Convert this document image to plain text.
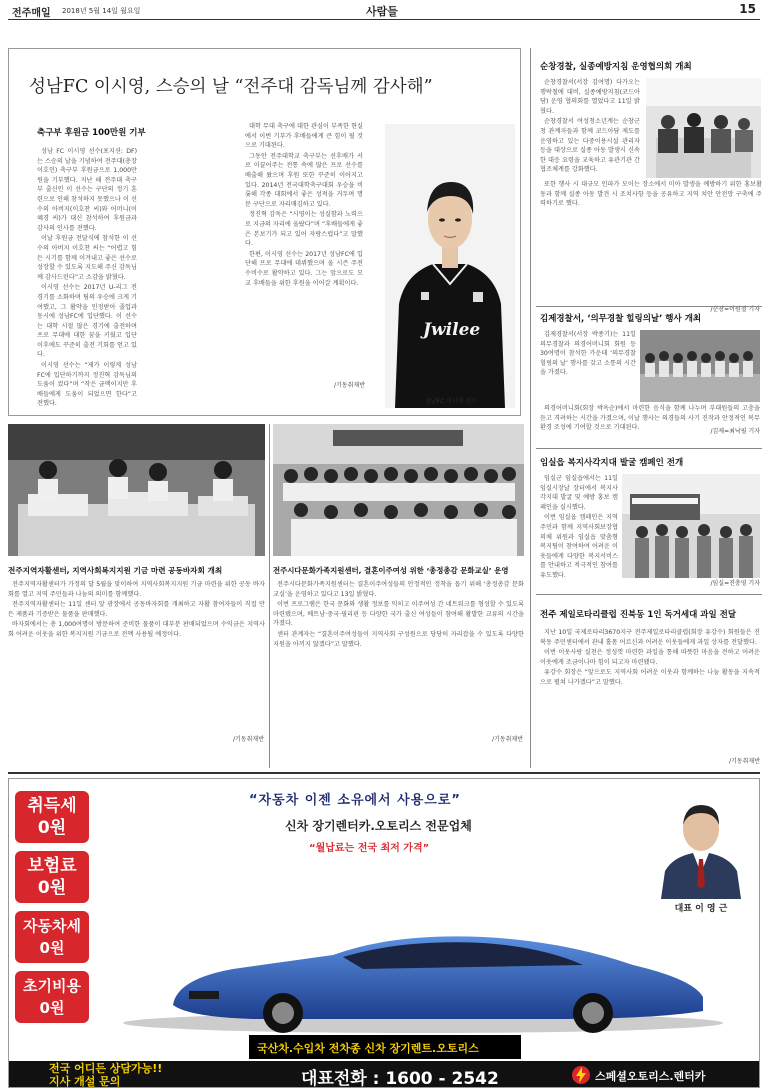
전주매일 2018년 5월 14일 월요일	사람들	15
성남FC 이시영, 스승의 날 “전주대 감독님께 감사해”
축구부 후원금 100만원 기부

성남 FC 이시영 선수(포지션: DF)는 스승의 날을 기념하여 전주대(총장 이호인) 축구부 후원금으로 1,000만 원을 기부했다. 지난 해 전주대 축구부 출신인 이 선수는 구단의 정기 훈련으로 인해 참석하지 못했으나 이 선수의 아버지(이호찬 씨)와 어머니(이혜경 씨)가 대신 참석하여 후원금과 감사의 인사를 전했다.

이날 후원금 전달식에 참석한 이 선수의 아버지 이호찬 씨는 “어렵고 힘든 시기를 함께 이겨내고 좋은 선수로 성장할 수 있도록 지도해 주신 감독님께 감사드린다”고 소감을 밝혔다.

이시영 선수는 2017년 U-리그 전 경기를 소화하며 팀의 우승에 크게 기여했고, 그 활약을 인정받아 졸업과 동시에 성남FC에 입단했다. 이 선수는 대학 시절 많은 경기에 출전하며 프로 무대에 대한 꿈을 키웠고 입단 이후에도 꾸준히 출전 기회를 얻고 있다.

이시영 선수는 “제가 이렇게 성남 FC에 입단하기까지 정진혁 감독님의 도움이 컸다”며 “작은 금액이지만 후배들에게 도움이 되었으면 한다”고 전했다.

대학 무대 축구에 대한 관심이 부족한 현실에서 이번 기부가 후배들에게 큰 힘이 될 것으로 기대된다.

그동안 전주대학교 축구부는 선후배가 서로 이끌어주는 전통 속에 많은 프로 선수를 배출해 왔으며 후원 또한 꾸준히 이어지고 있다. 2014년 전국대학축구대회 우승을 비롯해 각종 대회에서 좋은 성적을 거두며 명문 구단으로 자리매김하고 있다.

정진혁 감독은 “시영이는 성실함과 노력으로 지금의 자리에 올랐다”며 “후배들에게 좋은 본보기가 되고 있어 자랑스럽다”고 말했다.

한편, 이시영 선수는 2017년 성남FC에 입단해 프로 무대에 데뷔했으며 올 시즌 주전 수비수로 활약하고 있다. 그는 앞으로도 모교 후배들을 위한 후원을 이어갈 계획이다.

/기동취재반
Jwilee
성남FC 이시영 선수
순창경찰, 실종예방지침 운영협의회 개최

순창경찰서(서장 김여명) 다가오는 행락철에 대비, 실종예방지침(코드아담) 운영 협의회를 열었다고 11일 밝혔다.

순창경찰서 여성청소년계는 순창군청 관계자들과 함께 코드아담 제도를 운영하고 있는 다중이용시설 관리자 등을 대상으로 실종 아동 발생시 신속한 대응 요령을 교육하고 유관기관 간 협조체계를 강화했다.

또한 행사 시 대규모 인파가 모이는 장소에서 미아 발생을 예방하기 위한 홍보활동과 함께 실종 아동 발견 시 조치사항 등을 공유하고 지역 치안 안전망 구축에 주력하기로 했다.

/순창=이원철 기자
김제경찰서, ‘의무경찰 힐링의날’ 행사 개최

김제경찰서(서장 박종기)는 11일 의무경찰과 의경어머니회 회원 등 30여명이 참석한 가운데 ‘의무경찰 힐링의 날’ 행사를 갖고 소통의 시간을 가졌다.

의경어머니회(회장 박옥순)에서 마련한 음식을 함께 나누며 부대원들의 고충을 듣고 격려하는 시간을 가졌으며, 이날 행사는 의경들의 사기 진작과 안정적인 복무 환경 조성에 기여할 것으로 기대된다.

/김제=최낙필 기자
임실읍 복지사각지대 발굴 캠페인 전개

임실군 임실읍에서는 11일 임실시장날 장터에서 복지사각지대 발굴 및 예방 홍보 캠페인을 실시했다.

이번 임실읍 캠페인은 지역 주민과 함께 지역사회보장협의체 위원과 임실읍 맞춤형 복지팀이 참여하여 어려운 이웃들에게 다양한 복지서비스를 안내하고 적극적인 참여를 유도했다.

/임실=진충영 기자
전주 제일로타리클럽 진북동 1인 독거세대 과일 전달

지난 10일 국제로타리3670지구 전주제일로타리클럽(회장 유강수) 회원들은 진북동 주민센터에서 관내 홀몸 어르신과 어려운 이웃들에게 과일 상자를 전달했다.

이번 이웃사랑 실천은 정성껏 마련한 과일을 통해 따뜻한 마음을 전하고 어려운 이웃에게 조금이나마 힘이 되고자 마련됐다.

유강수 회장은 “앞으로도 지역사회 어려운 이웃과 함께하는 나눔 활동을 지속적으로 펼쳐 나가겠다”고 말했다.

/기동취재반
전주지역자활센터, 지역사회복지지원 기금 마련 공동바자회 개최

전주지역자활센터가 가정의 달 5월을 맞이하여 지역사회복지지원 기금 마련을 위한 공동 바자회를 열고 지역 주민들과 나눔의 의미를 함께했다.

전주지역자활센터는 11일 센터 앞 광장에서 공동바자회를 개최하고 자활 참여자들이 직접 만든 제품과 기증받은 물품을 판매했다.

바자회에서는 총 1,000여명이 방문하여 준비한 물품이 대부분 판매되었으며 수익금은 지역사회 어려운 이웃을 위한 복지지원 기금으로 전액 사용될 예정이다.

/기동취재반
전주시다문화가족지원센터, 결혼이주여성 위한 ‘총정총감 문화교실’ 운영

전주시다문화가족지원센터는 결혼이주여성들의 안정적인 정착을 돕기 위해 ‘총정총감 문화교실’을 운영하고 있다고 13일 밝혔다.

이번 프로그램은 한국 문화와 생활 정보를 익히고 이주여성 간 네트워크를 형성할 수 있도록 마련됐으며, 베트남·중국·필리핀 등 다양한 국가 출신 여성들이 참여해 활발한 교류의 시간을 가졌다.

센터 관계자는 “결혼이주여성들이 지역사회 구성원으로 당당히 자리잡을 수 있도록 다양한 지원을 아끼지 않겠다”고 말했다.

/기동취재반
취득세
0원
보험료
0원
자동차세
0원
초기비용
0원
“자동차 이젠 소유에서 사용으로”
신차 장기렌터카.오토리스 전문업체
“월납료는 전국 최저 가격”
대표 이 영 근
국산차.수입차 전차종 신차 장기렌트.오토리스
전국 어디든 상담가능!!
지사 개설 문의	대표전화 : 1600 - 2542	스페셜오토리스.렌터카
